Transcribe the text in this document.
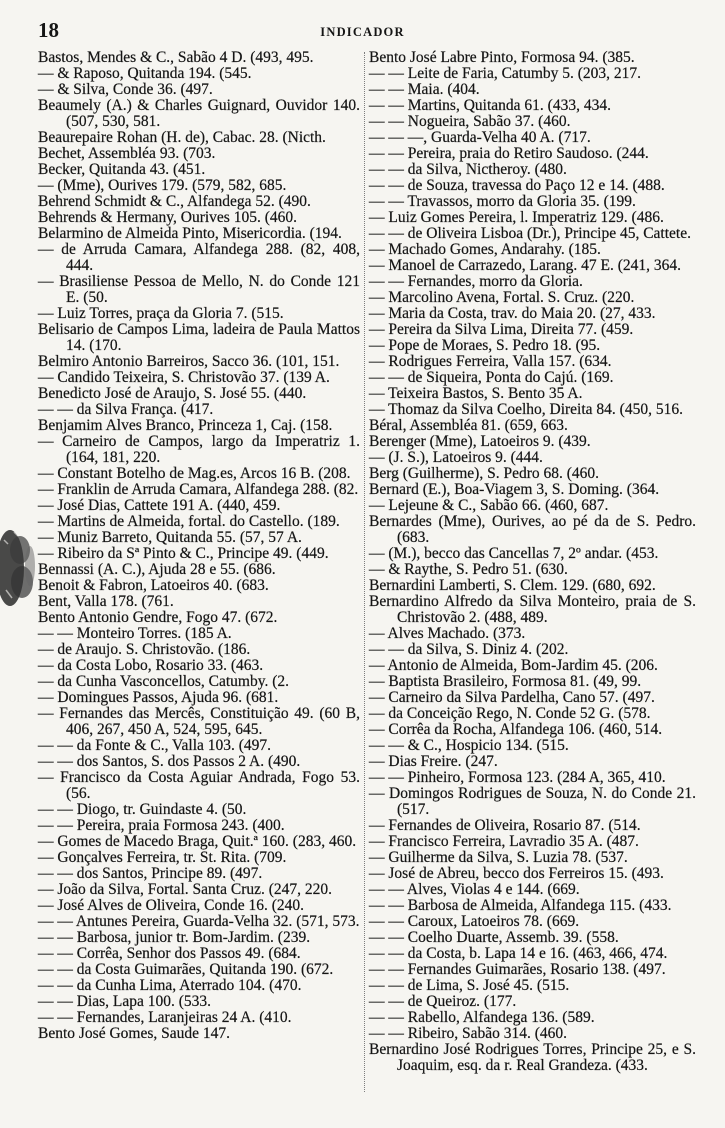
18	INDICADOR

Bastos, Mendes & C., Sabão 4 D. (493, 495.

— & Raposo, Quitanda 194. (545.

— & Silva, Conde 36. (497.

Beaumely (A.) & Charles Guignard, Ouvidor 140. (507, 530, 581.

Beaurepaire Rohan (H. de), Cabac. 28. (Nicth.

Bechet, Assembléa 93. (703.

Becker, Quitanda 43. (451.

— (Mme), Ourives 179. (579, 582, 685.

Behrend Schmidt & C., Alfandega 52. (490.

Behrends & Hermany, Ourives 105. (460.

Belarmino de Almeida Pinto, Misericordia. (194.

— de Arruda Camara, Alfandega 288. (82, 408, 444.

— Brasiliense Pessoa de Mello, N. do Conde 121 E. (50.

— Luiz Torres, praça da Gloria 7. (515.

Belisario de Campos Lima, ladeira de Paula Mattos 14. (170.

Belmiro Antonio Barreiros, Sacco 36. (101, 151.

— Candido Teixeira, S. Christovão 37. (139 A.

Benedicto José de Araujo, S. José 55. (440.

— — da Silva França. (417.

Benjamim Alves Branco, Princeza 1, Caj. (158.

— Carneiro de Campos, largo da Imperatriz 1. (164, 181, 220.

— Constant Botelho de Mag.es, Arcos 16 B. (208.

— Franklin de Arruda Camara, Alfandega 288. (82.

— José Dias, Cattete 191 A. (440, 459.

— Martins de Almeida, fortal. do Castello. (189.

— Muniz Barreto, Quitanda 55. (57, 57 A.

— Ribeiro da Sª Pinto & C., Principe 49. (449.

Bennassi (A. C.), Ajuda 28 e 55. (686.

Benoit & Fabron, Latoeiros 40. (683.

Bent, Valla 178. (761.

Bento Antonio Gendre, Fogo 47. (672.

— — Monteiro Torres. (185 A.

— de Araujo. S. Christovão. (186.

— da Costa Lobo, Rosario 33. (463.

— da Cunha Vasconcellos, Catumby. (2.

— Domingues Passos, Ajuda 96. (681.

— Fernandes das Mercês, Constituição 49. (60 B, 406, 267, 450 A, 524, 595, 645.

— — da Fonte & C., Valla 103. (497.

— — dos Santos, S. dos Passos 2 A. (490.

— Francisco da Costa Aguiar Andrada, Fogo 53. (56.

— — Diogo, tr. Guindaste 4. (50.

— — Pereira, praia Formosa 243. (400.

— Gomes de Macedo Braga, Quit.ª 160. (283, 460.

— Gonçalves Ferreira, tr. St. Rita. (709.

— — dos Santos, Principe 89. (497.

— João da Silva, Fortal. Santa Cruz. (247, 220.

— José Alves de Oliveira, Conde 16. (240.

— — Antunes Pereira, Guarda-Velha 32. (571, 573.

— — Barbosa, junior tr. Bom-Jardim. (239.

— — Corrêa, Senhor dos Passos 49. (684.

— — da Costa Guimarães, Quitanda 190. (672.

— — da Cunha Lima, Aterrado 104. (470.

— — Dias, Lapa 100. (533.

— — Fernandes, Laranjeiras 24 A. (410.

Bento José Gomes, Saude 147.

Bento José Labre Pinto, Formosa 94. (385.

— — Leite de Faria, Catumby 5. (203, 217.

— — Maia. (404.

— — Martins, Quitanda 61. (433, 434.

— — Nogueira, Sabão 37. (460.

— — —, Guarda-Velha 40 A. (717.

— — Pereira, praia do Retiro Saudoso. (244.

— — da Silva, Nictheroy. (480.

— — de Souza, travessa do Paço 12 e 14. (488.

— — Travassos, morro da Gloria 35. (199.

— Luiz Gomes Pereira, l. Imperatriz 129. (486.

— — de Oliveira Lisboa (Dr.), Principe 45, Cattete.

— Machado Gomes, Andarahy. (185.

— Manoel de Carrazedo, Larang. 47 E. (241, 364.

— — Fernandes, morro da Gloria.

— Marcolino Avena, Fortal. S. Cruz. (220.

— Maria da Costa, trav. do Maia 20. (27, 433.

— Pereira da Silva Lima, Direita 77. (459.

— Pope de Moraes, S. Pedro 18. (95.

— Rodrigues Ferreira, Valla 157. (634.

— — de Siqueira, Ponta do Cajú. (169.

— Teixeira Bastos, S. Bento 35 A.

— Thomaz da Silva Coelho, Direita 84. (450, 516.

Béral, Assembléa 81. (659, 663.

Berenger (Mme), Latoeiros 9. (439.

— (J. S.), Latoeiros 9. (444.

Berg (Guilherme), S. Pedro 68. (460.

Bernard (E.), Boa-Viagem 3, S. Doming. (364.

— Lejeune & C., Sabão 66. (460, 687.

Bernardes (Mme), Ourives, ao pé da de S. Pedro. (683.

— (M.), becco das Cancellas 7, 2º andar. (453.

— & Raythe, S. Pedro 51. (630.

Bernardini Lamberti, S. Clem. 129. (680, 692.

Bernardino Alfredo da Silva Monteiro, praia de S. Christovão 2. (488, 489.

— Alves Machado. (373.

— — da Silva, S. Diniz 4. (202.

— Antonio de Almeida, Bom-Jardim 45. (206.

— Baptista Brasileiro, Formosa 81. (49, 99.

— Carneiro da Silva Pardelha, Cano 57. (497.

— da Conceição Rego, N. Conde 52 G. (578.

— Corrêa da Rocha, Alfandega 106. (460, 514.

— — & C., Hospicio 134. (515.

— Dias Freire. (247.

— — Pinheiro, Formosa 123. (284 A, 365, 410.

— Domingos Rodrigues de Souza, N. do Conde 21. (517.

— Fernandes de Oliveira, Rosario 87. (514.

— Francisco Ferreira, Lavradio 35 A. (487.

— Guilherme da Silva, S. Luzia 78. (537.

— José de Abreu, becco dos Ferreiros 15. (493.

— — Alves, Violas 4 e 144. (669.

— — Barbosa de Almeida, Alfandega 115. (433.

— — Caroux, Latoeiros 78. (669.

— — Coelho Duarte, Assemb. 39. (558.

— — da Costa, b. Lapa 14 e 16. (463, 466, 474.

— — Fernandes Guimarães, Rosario 138. (497.

— — de Lima, S. José 45. (515.

— — de Queiroz. (177.

— — Rabello, Alfandega 136. (589.

— — Ribeiro, Sabão 314. (460.

Bernardino José Rodrigues Torres, Principe 25, e S. Joaquim, esq. da r. Real Grandeza. (433.
